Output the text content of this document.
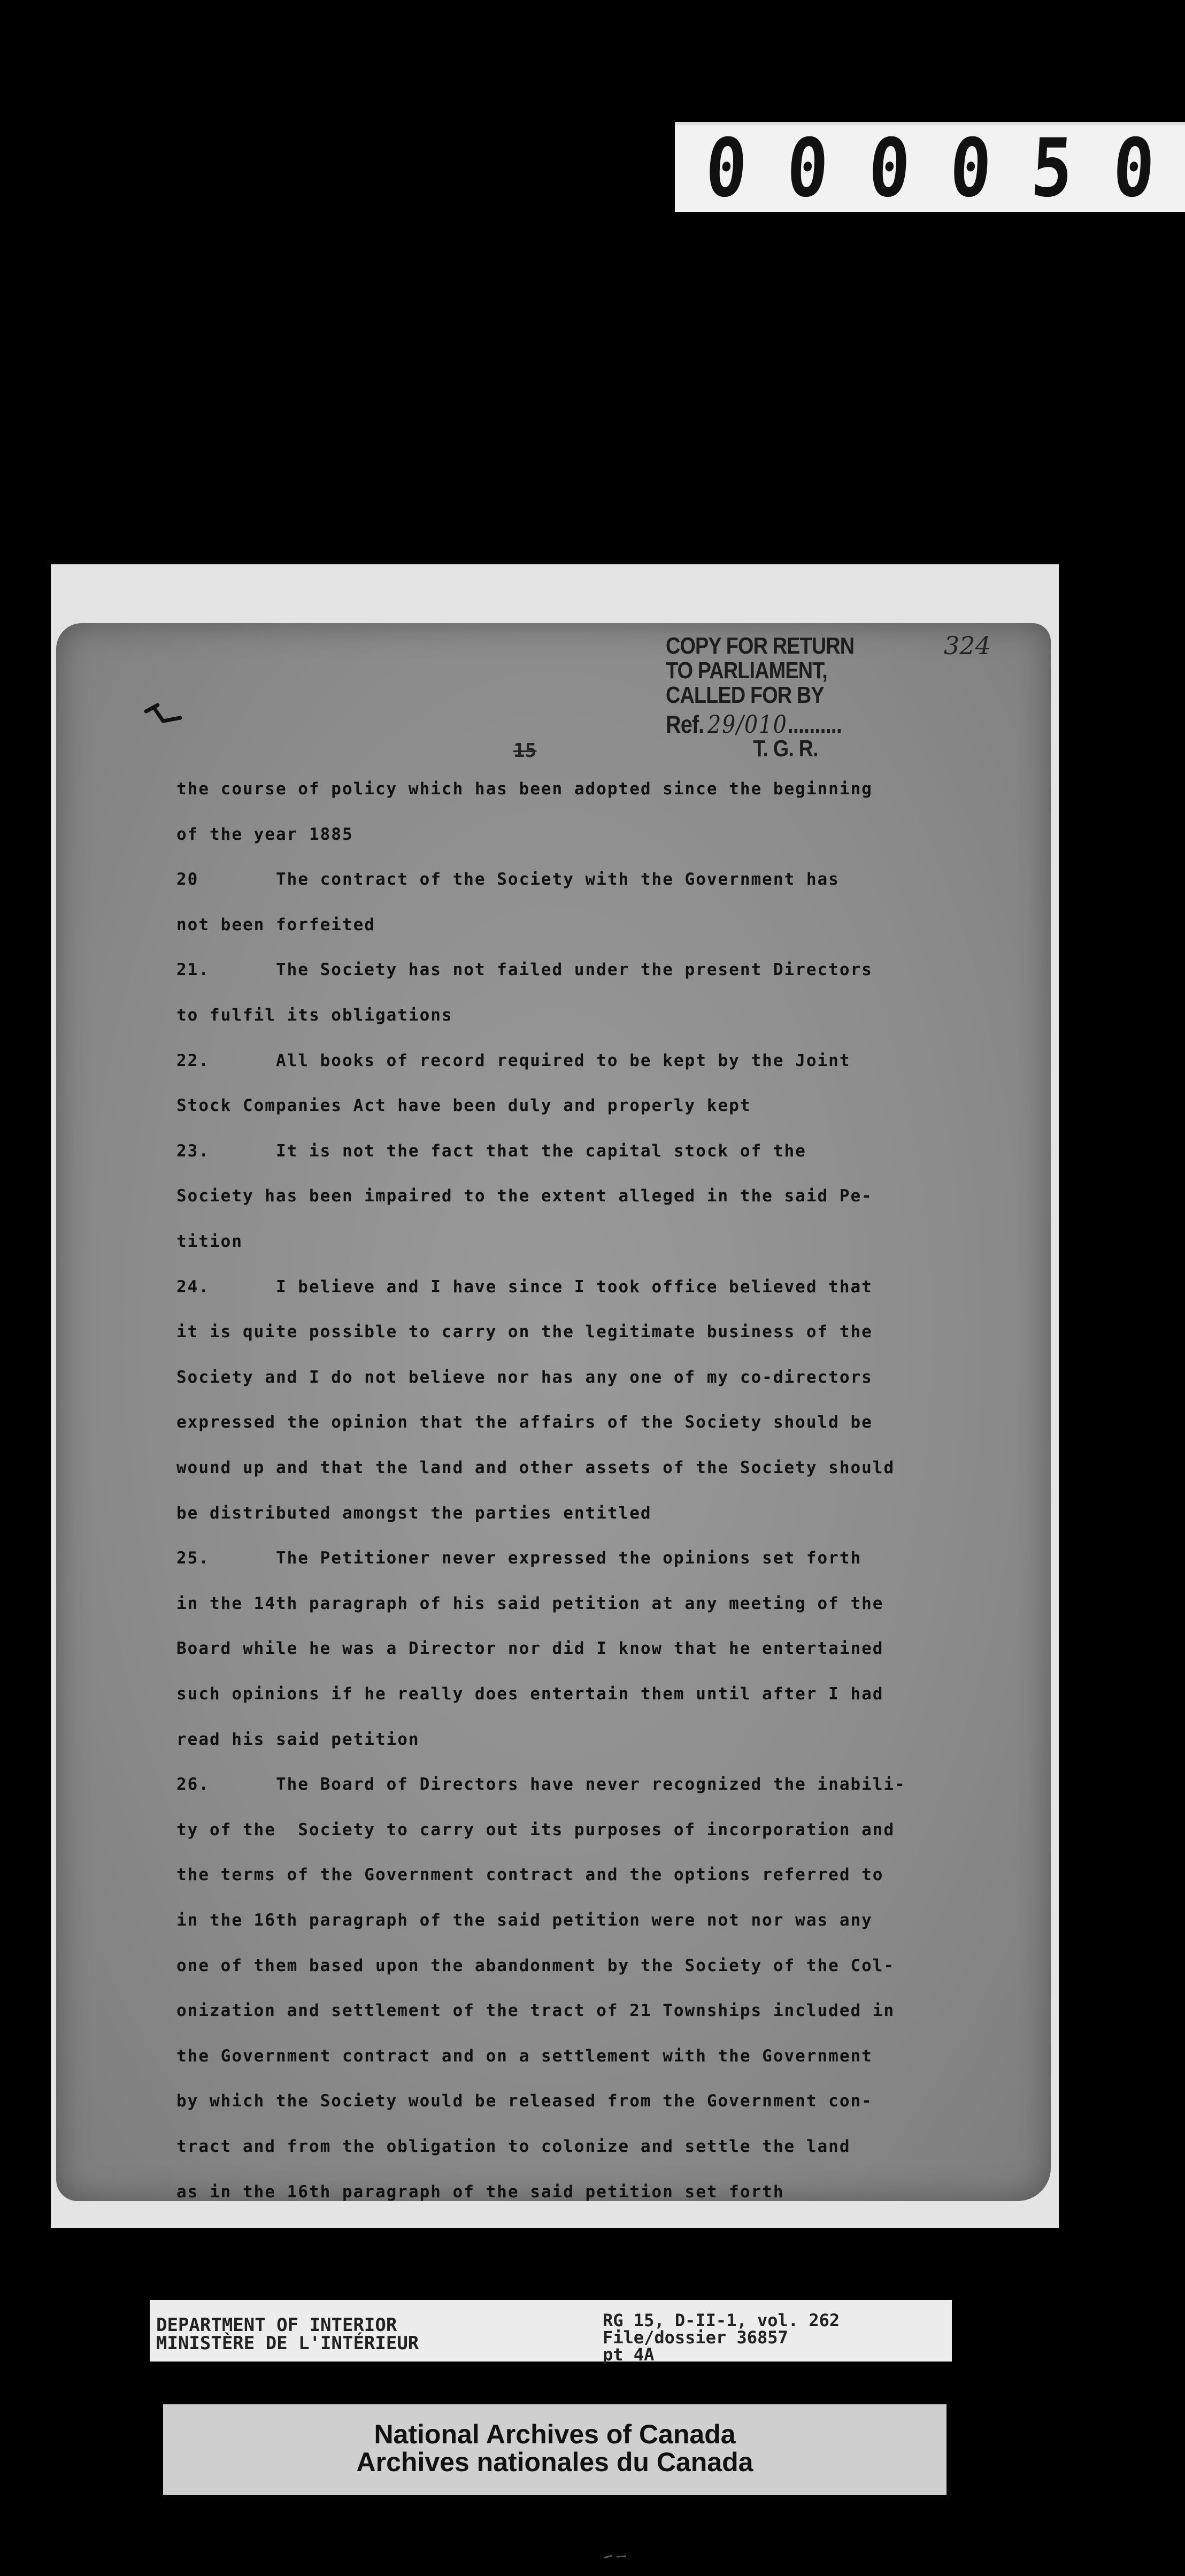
0 0 0 0 5 0
COPY FOR RETURN
TO PARLIAMENT,
CALLED FOR BY
Ref. 29/010..........
T. G. R.
324
15
the course of policy which has been adopted since the beginning
of the year 1885
20       The contract of the Society with the Government has
not been forfeited
21.      The Society has not failed under the present Directors
to fulfil its obligations
22.      All books of record required to be kept by the Joint
Stock Companies Act have been duly and properly kept
23.      It is not the fact that the capital stock of the
Society has been impaired to the extent alleged in the said Pe-
tition
24.      I believe and I have since I took office believed that
it is quite possible to carry on the legitimate business of the
Society and I do not believe nor has any one of my co-directors
expressed the opinion that the affairs of the Society should be
wound up and that the land and other assets of the Society should
be distributed amongst the parties entitled
25.      The Petitioner never expressed the opinions set forth
in the 14th paragraph of his said petition at any meeting of the
Board while he was a Director nor did I know that he entertained
such opinions if he really does entertain them until after I had
read his said petition
26.      The Board of Directors have never recognized the inabili-
ty of the  Society to carry out its purposes of incorporation and
the terms of the Government contract and the options referred to
in the 16th paragraph of the said petition were not nor was any
one of them based upon the abandonment by the Society of the Col-
onization and settlement of the tract of 21 Townships included in
the Government contract and on a settlement with the Government
by which the Society would be released from the Government con-
tract and from the obligation to colonize and settle the land
as in the 16th paragraph of the said petition set forth
DEPARTMENT OF INTERIOR
MINISTÈRE DE L'INTÉRIEUR
RG 15, D-II-1, vol. 262
File/dossier 36857
pt 4A
National Archives of Canada
Archives nationales du Canada
